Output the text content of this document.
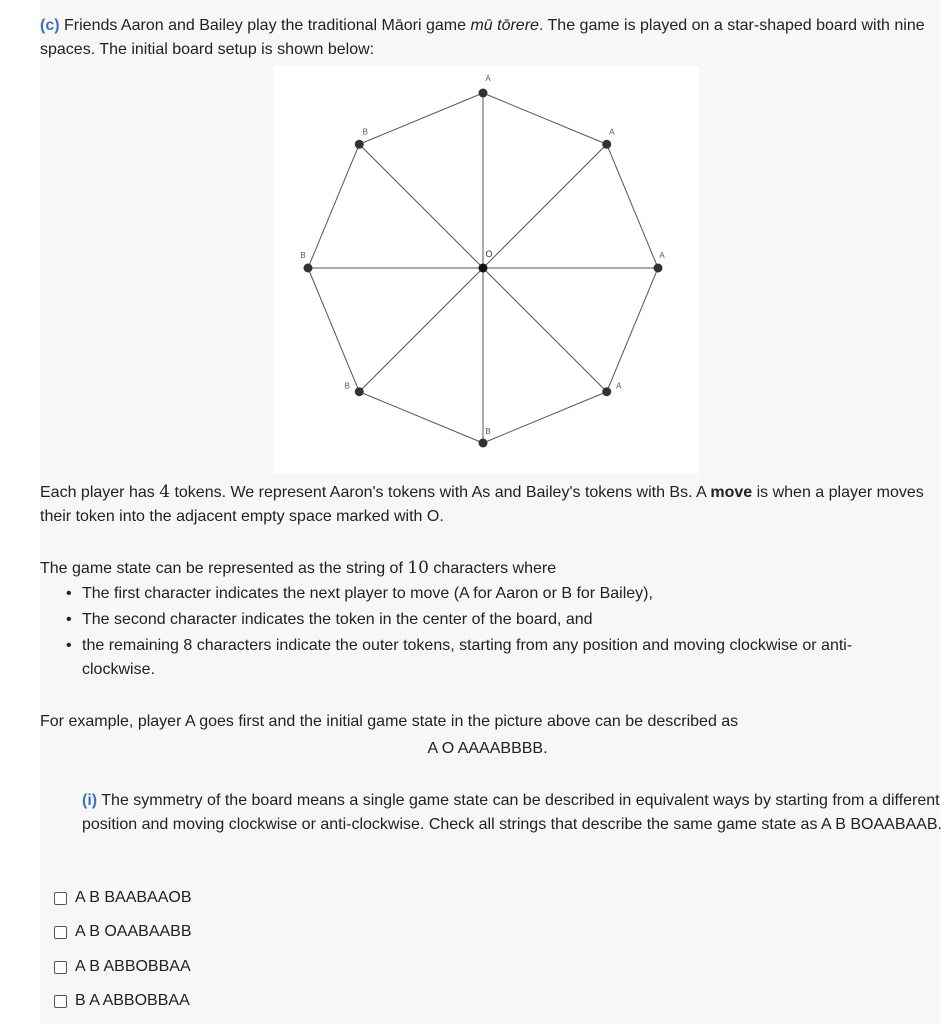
(c) Friends Aaron and Bailey play the traditional Māori game mū tōrere. The game is played on a star-shaped board with nine spaces. The initial board setup is shown below:
A
A
A
A
B
B
B
B
O
Each player has 4 tokens. We represent Aaron's tokens with As and Bailey's tokens with Bs. A move is when a player moves their token into the adjacent empty space marked with O.
The game state can be represented as the string of 10 characters where
• The first character indicates the next player to move (A for Aaron or B for Bailey),
• The second character indicates the token in the center of the board, and
• the remaining 8 characters indicate the outer tokens, starting from any position and moving clockwise or anti-clockwise.
For example, player A goes first and the initial game state in the picture above can be described as
A O AAAABBBB.
(i) The symmetry of the board means a single game state can be described in equivalent ways by starting from a different position and moving clockwise or anti-clockwise. Check all strings that describe the same game state as A B BOAABAAB.
A B BAABAAOB
A B OAABAABB
A B ABBOBBAA
B A ABBOBBAA
